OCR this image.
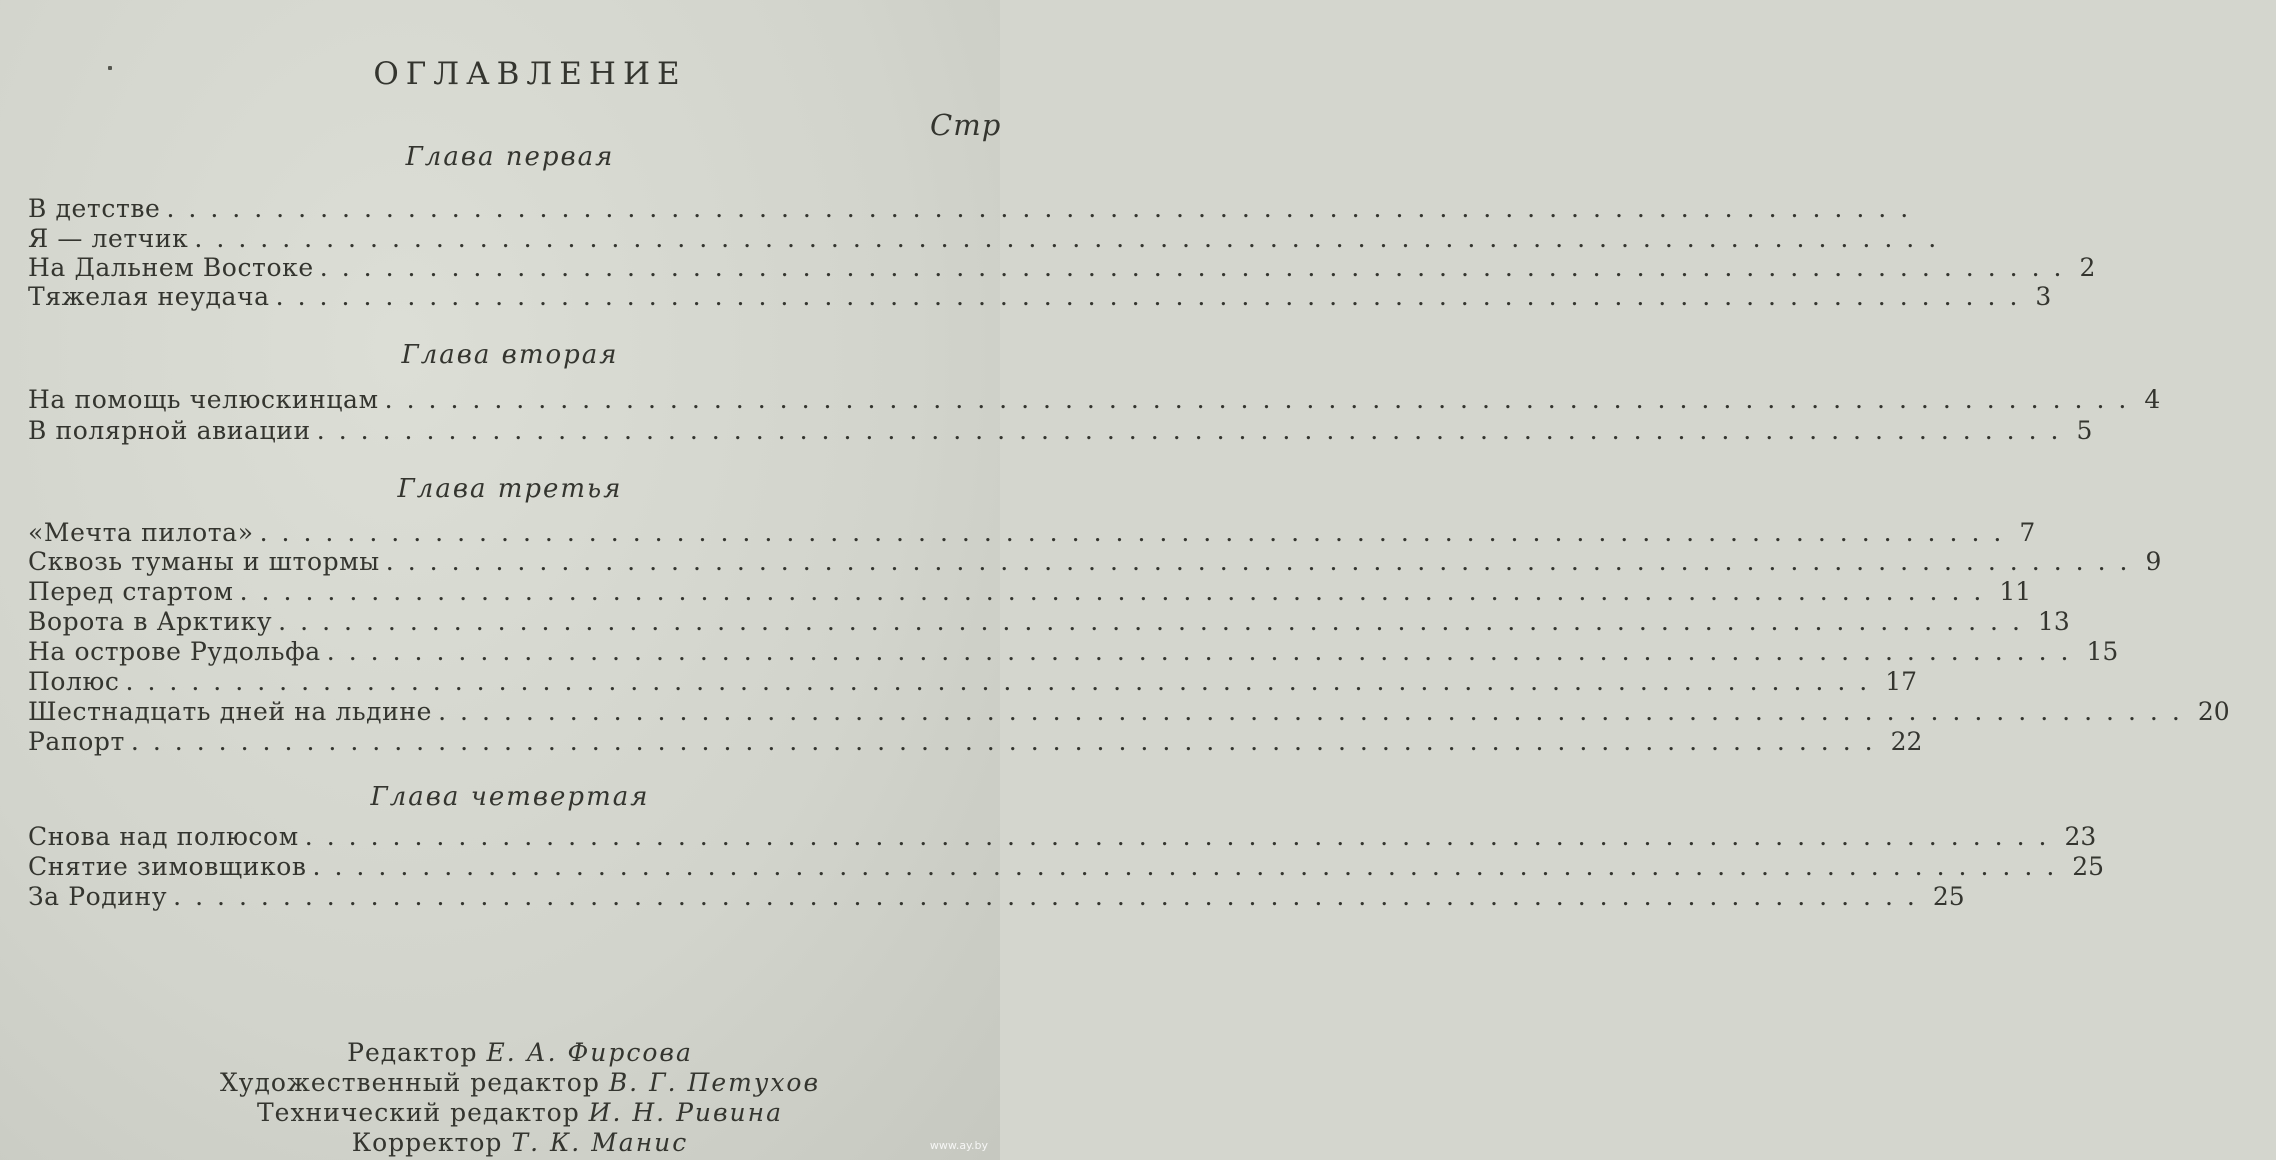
ОГЛАВЛЕНИЕ
Стр
Глава первая
В детстве ................................................................................
Я — летчик ................................................................................
На Дальнем Востоке ................................................................................ 2
Тяжелая неудача ................................................................................ 3
Глава вторая
На помощь челюскинцам ................................................................................ 4
В полярной авиации ................................................................................ 5
Глава третья
«Мечта пилота» ................................................................................ 7
Сквозь туманы и штормы ................................................................................ 9
Перед стартом ................................................................................ 11
Ворота в Арктику ................................................................................ 13
На острове Рудольфа ................................................................................ 15
Полюс ................................................................................ 17
Шестнадцать дней на льдине ................................................................................ 20
Рапорт ................................................................................ 22
Глава четвертая
Снова над полюсом ................................................................................ 23
Снятие зимовщиков ................................................................................ 25
За Родину ................................................................................ 25
Редактор Е. А. Фирсова
Художественный редактор В. Г. Петухов
Технический редактор И. Н. Ривина
Корректор Т. К. Манис	www.ay.by
